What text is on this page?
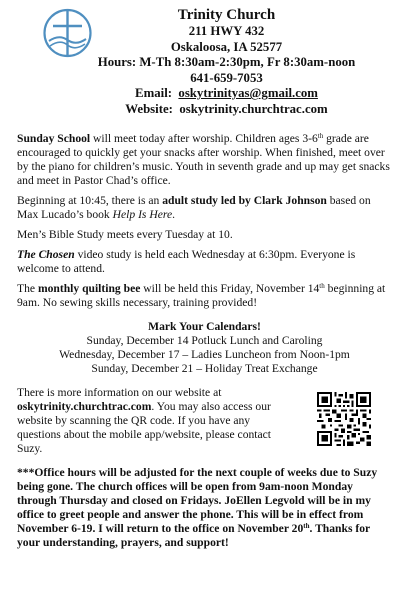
Trinity Church
211 HWY 432
Oskaloosa, IA 52577
Hours: M-Th 8:30am-2:30pm, Fr 8:30am-noon
641-659-7053
Email: oskytrinityas@gmail.com
Website: oskytrinity.churchtrac.com

Sunday School will meet today after worship. Children ages 3-6th grade are encouraged to quickly get your snacks after worship. When finished, meet over by the piano for children’s music. Youth in seventh grade and up may get snacks and meet in Pastor Chad’s office.

Beginning at 10:45, there is an adult study led by Clark Johnson based on Max Lucado’s book Help Is Here.

Men’s Bible Study meets every Tuesday at 10.

The Chosen video study is held each Wednesday at 6:30pm. Everyone is welcome to attend.

The monthly quilting bee will be held this Friday, November 14th beginning at 9am. No sewing skills necessary, training provided!

Mark Your Calendars!
Sunday, December 14 Potluck Lunch and Caroling
Wednesday, December 17 – Ladies Luncheon from Noon-1pm
Sunday, December 21 – Holiday Treat Exchange

There is more information on our website at oskytrinity.churchtrac.com. You may also access our website by scanning the QR code. If you have any questions about the mobile app/website, please contact Suzy.

***Office hours will be adjusted for the next couple of weeks due to Suzy being gone. The church offices will be open from 9am-noon Monday through Thursday and closed on Fridays. JoEllen Legvold will be in my office to greet people and answer the phone. This will be in effect from November 6-19. I will return to the office on November 20th. Thanks for your understanding, prayers, and support!
